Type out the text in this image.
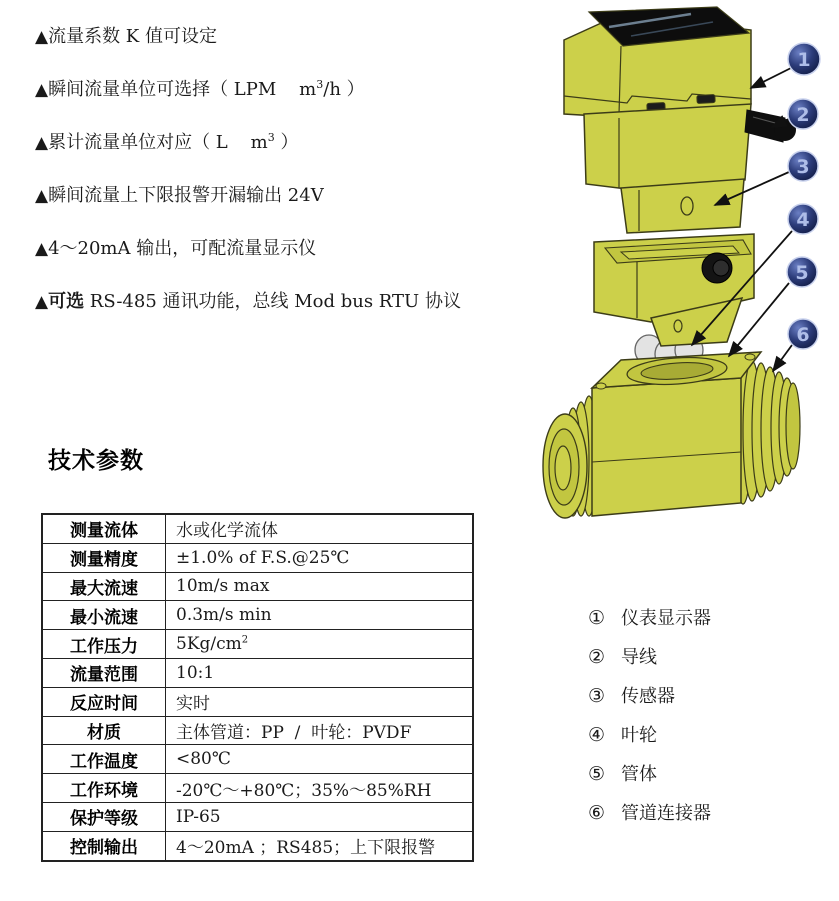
▲流量系数 K 值可设定
▲瞬间流量单位可选择（ LPM    $m^3/h$ ）
▲累计流量单位对应（ L    $m^3$ ）
▲瞬间流量上下限报警开漏输出 24V
▲4～20mA 输出，可配流量显示仪
▲可选 RS-485 通讯功能，总线 Mod bus RTU 协议
技术参数
测量流体	水或化学流体
测量精度	±1.0% of F.S.@25℃
最大流速	10m/s max
最小流速	0.3m/s min
工作压力	$5Kg/cm^2$
流量范围	10:1
反应时间	实时
材质	主体管道：PP  /  叶轮：PVDF
工作温度	<80℃
工作环境	-20℃～+80℃；35%～85%RH
保护等级	IP-65
控制输出	4～20mA ；RS485；上下限报警
1
2
3
4
5
6
① 仪表显示器
② 导线
③ 传感器
④ 叶轮
⑤ 管体
⑥ 管道连接器
